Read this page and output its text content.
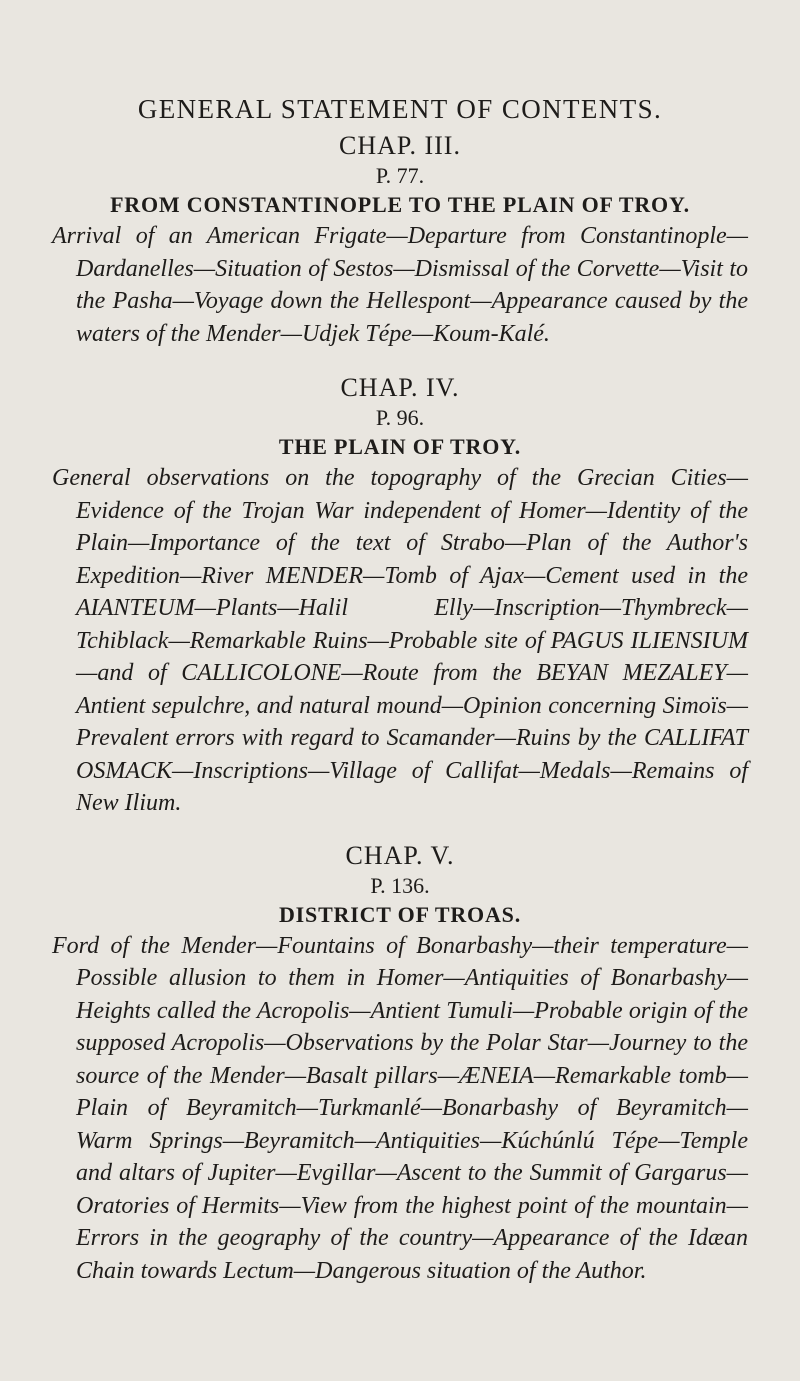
GENERAL STATEMENT OF CONTENTS.
CHAP. III.

P. 77.

FROM CONSTANTINOPLE TO THE PLAIN OF TROY.

Arrival of an American Frigate—Departure from Constantinople—Dardanelles—Situation of Sestos—Dismissal of the Corvette—Visit to the Pasha—Voyage down the Hellespont—Appearance caused by the waters of the Mender—Udjek Tépe—Koum-Kalé.

CHAP. IV.

P. 96.

THE PLAIN OF TROY.

General observations on the topography of the Grecian Cities—Evidence of the Trojan War independent of Homer—Identity of the Plain—Importance of the text of Strabo—Plan of the Author's Expedition—River MENDER—Tomb of Ajax—Cement used in the AIANTEUM—Plants—Halil Elly—Inscription—Thymbreck—Tchiblack—Remarkable Ruins—Probable site of PAGUS ILIENSIUM—and of CALLICOLONE—Route from the BEYAN MEZALEY—Antient sepulchre, and natural mound—Opinion concerning Simoïs—Prevalent errors with regard to Scamander—Ruins by the CALLIFAT OSMACK—Inscriptions—Village of Callifat—Medals—Remains of New Ilium.

CHAP. V.

P. 136.

DISTRICT OF TROAS.

Ford of the Mender—Fountains of Bonarbashy—their temperature—Possible allusion to them in Homer—Antiquities of Bonarbashy—Heights called the Acropolis—Antient Tumuli—Probable origin of the supposed Acropolis—Observations by the Polar Star—Journey to the source of the Mender—Basalt pillars—ÆNEIA—Remarkable tomb—Plain of Beyramitch—Turkmanlé—Bonarbashy of Beyramitch—Warm Springs—Beyramitch—Antiquities—Kúchúnlú Tépe—Temple and altars of Jupiter—Evgillar—Ascent to the Summit of Gargarus—Oratories of Hermits—View from the highest point of the mountain—Errors in the geography of the country—Appearance of the Idæan Chain towards Lectum—Dangerous situation of the Author.
